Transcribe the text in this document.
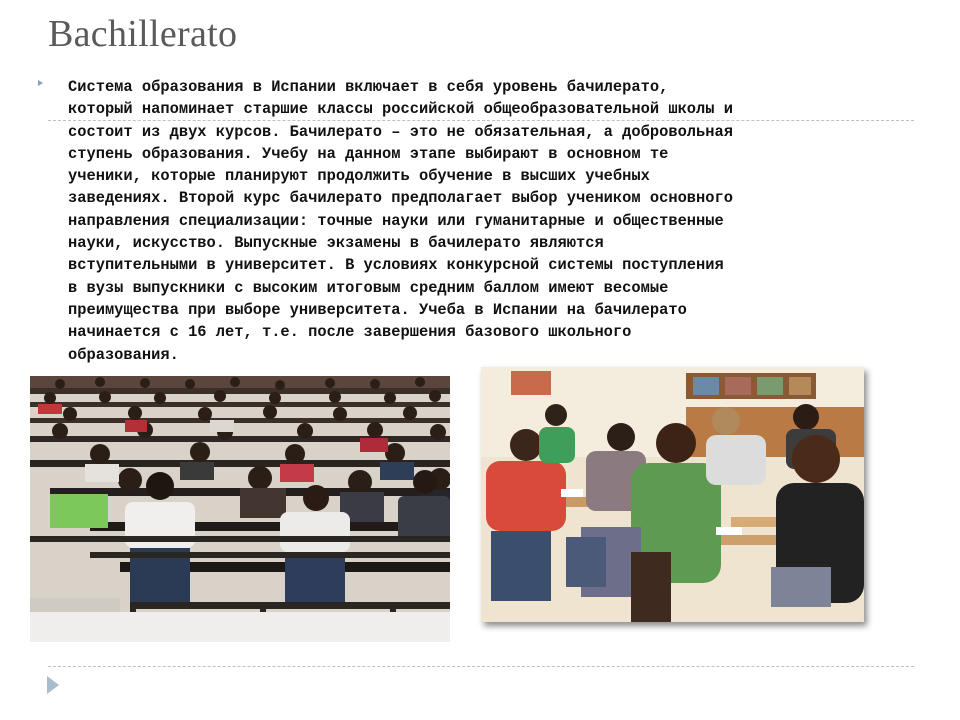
Bachillerato

Система образования в Испании включает в себя уровень бачилерато,
который напоминает старшие классы российской общеобразовательной школы и
состоит из двух курсов. Бачилерато – это не обязательная, а добровольная
ступень образования. Учебу на данном этапе выбирают в основном те
ученики, которые планируют продолжить обучение в высших учебных
заведениях. Второй курс бачилерато предполагает выбор учеником основного
направления специализации: точные науки или гуманитарные и общественные
науки, искусство. Выпускные экзамены в бачилерато являются
вступительными в университет. В условиях конкурсной системы поступления
в вузы выпускники с высоким итоговым средним баллом имеют весомые
преимущества при выборе университета. Учеба в Испании на бачилерато
начинается с 16 лет, т.е. после завершения базового школьного
образования.
